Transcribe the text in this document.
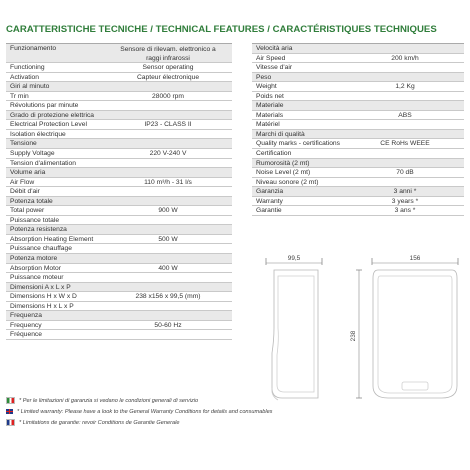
CARATTERISTICHE TECNICHE / TECHNICAL FEATURES / CARACTÉRISTIQUES TECHNIQUES
Funzionamento	Sensore di rilevam. elettronico a raggi infrarossi
Functioning	Sensor operating
Activation	Capteur électronique
Giri al minuto
Tr min	28000 rpm
Révolutions par minute
Grado di protezione elettrica
Electrical Protection Level	IP23 - CLASS II
Isolation électrique
Tensione
Supply Voltage	220 V-240 V
Tension d'alimentation
Volume aria
Air Flow	110 m³/h - 31 l/s
Débit d'air
Potenza totale
Total power	900 W
Puissance totale
Potenza resistenza
Absorption Heating Element	500 W
Puissance chauffage
Potenza motore
Absorption Motor	400 W
Puissance moteur
Dimensioni A x L x P
Dimensions H x W x D	238 x156 x 99,5 (mm)
Dimensions H x L x P
Frequenza
Frequency	50-60 Hz
Fréquence
Velocità aria
Air Speed	200 km/h
Vitesse d'air
Peso
Weight	1,2 Kg
Poids net
Materiale
Materials	ABS
Matériel
Marchi di qualità
Quality marks - certifications	CE RoHs WEEE
Certification
Rumorosità (2 mt)
Noise Level (2 mt)	70 dB
Niveau sonore (2 mt)
Garanzia	3 anni *
Warranty	3 years *
Garantie	3 ans *
99,5	156
238
* Per le limitazioni di garanzia si vedano le condizioni generali di servizio
* Limited warranty: Please have a look to the General Warranty Conditions for details and consumables
* Limitations de garantie: revoir Conditions de Garantie Generale
